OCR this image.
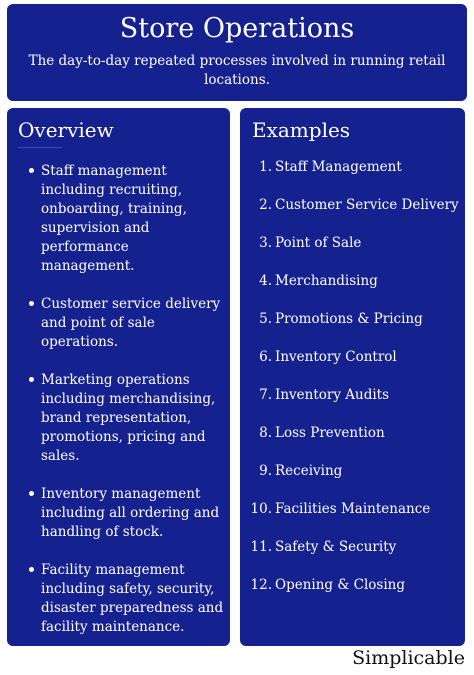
Store Operations
The day-to-day repeated processes involved in running retail locations.
Overview
Staff management including recruiting, onboarding, training, supervision and performance management.
Customer service delivery and point of sale operations.
Marketing operations including merchandising, brand representation, promotions, pricing and sales.
Inventory management including all ordering and handling of stock.
Facility management including safety, security, disaster preparedness and facility maintenance.
Examples
1. Staff Management
2. Customer Service Delivery
3. Point of Sale
4. Merchandising
5. Promotions & Pricing
6. Inventory Control
7. Inventory Audits
8. Loss Prevention
9. Receiving
10. Facilities Maintenance
11. Safety & Security
12. Opening & Closing
Simplicable
